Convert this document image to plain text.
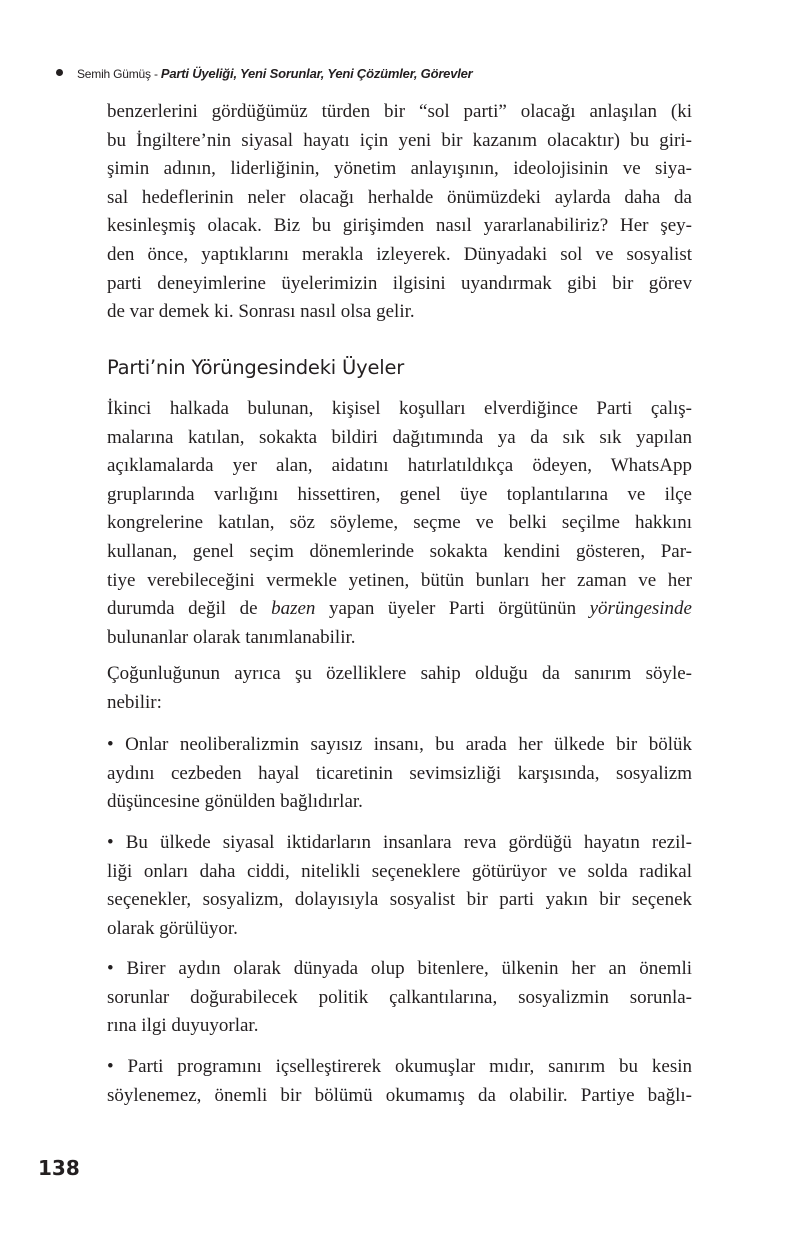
Semih Gümüş - Parti Üyeliği, Yeni Sorunlar, Yeni Çözümler, Görevler
benzerlerini gördüğümüz türden bir “sol parti” olacağı anlaşılan (ki
bu İngiltere’nin siyasal hayatı için yeni bir kazanım olacaktır) bu giri-
şimin adının, liderliğinin, yönetim anlayışının, ideolojisinin ve siya-
sal hedeflerinin neler olacağı herhalde önümüzdeki aylarda daha da
kesinleşmiş olacak. Biz bu girişimden nasıl yararlanabiliriz? Her şey-
den önce, yaptıklarını merakla izleyerek. Dünyadaki sol ve sosyalist
parti deneyimlerine üyelerimizin ilgisini uyandırmak gibi bir görev
de var demek ki. Sonrası nasıl olsa gelir.
Parti’nin Yörüngesindeki Üyeler
İkinci halkada bulunan, kişisel koşulları elverdiğince Parti çalış-
malarına katılan, sokakta bildiri dağıtımında ya da sık sık yapılan
açıklamalarda yer alan, aidatını hatırlatıldıkça ödeyen, WhatsApp
gruplarında varlığını hissettiren, genel üye toplantılarına ve ilçe
kongrelerine katılan, söz söyleme, seçme ve belki seçilme hakkını
kullanan, genel seçim dönemlerinde sokakta kendini gösteren, Par-
tiye verebileceğini vermekle yetinen, bütün bunları her zaman ve her
durumda değil de bazen yapan üyeler Parti örgütünün yörüngesinde
bulunanlar olarak tanımlanabilir.
Çoğunluğunun ayrıca şu özelliklere sahip olduğu da sanırım söyle-
nebilir:
• Onlar neoliberalizmin sayısız insanı, bu arada her ülkede bir bölük
aydını cezbeden hayal ticaretinin sevimsizliği karşısında, sosyalizm
düşüncesine gönülden bağlıdırlar.
• Bu ülkede siyasal iktidarların insanlara reva gördüğü hayatın rezil-
liği onları daha ciddi, nitelikli seçeneklere götürüyor ve solda radikal
seçenekler, sosyalizm, dolayısıyla sosyalist bir parti yakın bir seçenek
olarak görülüyor.
• Birer aydın olarak dünyada olup bitenlere, ülkenin her an önemli
sorunlar doğurabilecek politik çalkantılarına, sosyalizmin sorunla-
rına ilgi duyuyorlar.
• Parti programını içselleştirerek okumuşlar mıdır, sanırım bu kesin
söylenemez, önemli bir bölümü okumamış da olabilir. Partiye bağlı-
138
